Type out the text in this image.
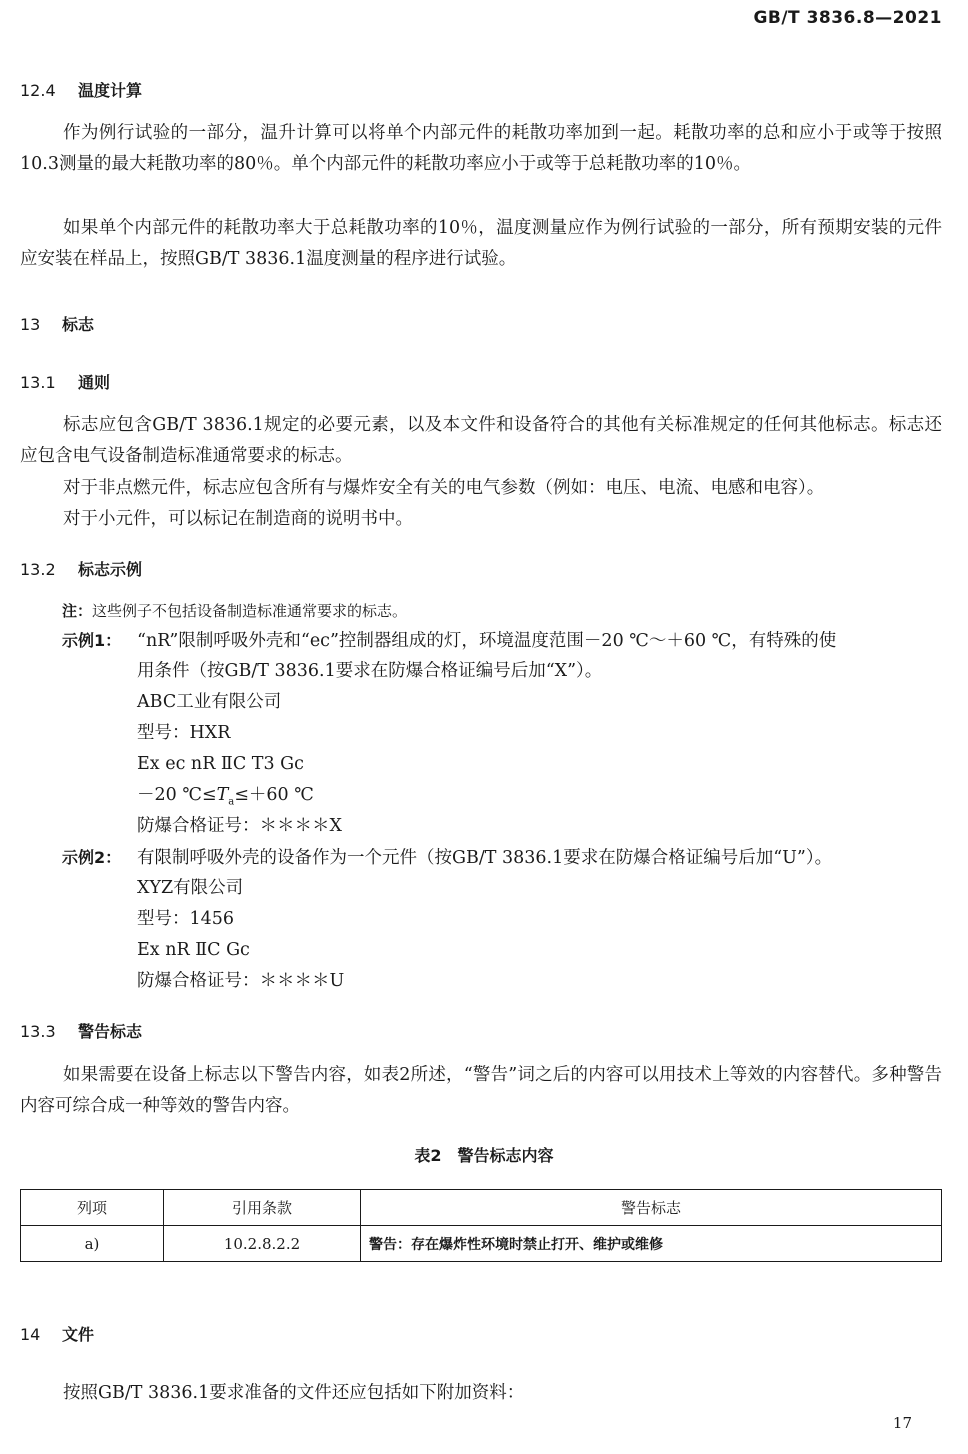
GB/T 3836.8—2021
12.4 温度计算
作为例行试验的一部分，温升计算可以将单个内部元件的耗散功率加到一起。耗散功率的总和应小于或等于按照10.3测量的最大耗散功率的80％。单个内部元件的耗散功率应小于或等于总耗散功率的10％。
如果单个内部元件的耗散功率大于总耗散功率的10％，温度测量应作为例行试验的一部分，所有预期安装的元件应安装在样品上，按照GB/T 3836.1温度测量的程序进行试验。
13 标志
13.1 通则
标志应包含GB/T 3836.1规定的必要元素，以及本文件和设备符合的其他有关标准规定的任何其他标志。标志还应包含电气设备制造标准通常要求的标志。
对于非点燃元件，标志应包含所有与爆炸安全有关的电气参数（例如：电压、电流、电感和电容）。
对于小元件，可以标记在制造商的说明书中。
13.2 标志示例
注：这些例子不包括设备制造标准通常要求的标志。
示例1： “nR”限制呼吸外壳和“ec”控制器组成的灯，环境温度范围－20 ℃～＋60 ℃，有特殊的使
用条件（按GB/T 3836.1要求在防爆合格证编号后加“X”）。
ABC工业有限公司
型号：HXR
Ex ec nR ⅡC T3 Gc
－20 $℃\le T_a\le+60$ ℃
防爆合格证号：＊＊＊＊X
示例2： 有限制呼吸外壳的设备作为一个元件（按GB/T 3836.1要求在防爆合格证编号后加“U”）。
XYZ有限公司
型号：1456
Ex nR ⅡC Gc
防爆合格证号：＊＊＊＊U
13.3 警告标志
如果需要在设备上标志以下警告内容，如表2所述，“警告”词之后的内容可以用技术上等效的内容替代。多种警告内容可综合成一种等效的警告内容。
表2　警告标志内容
列项	引用条款	警告标志
a)	10.2.8.2.2	警告：存在爆炸性环境时禁止打开、维护或维修
14 文件
按照GB/T 3836.1要求准备的文件还应包括如下附加资料：
17
